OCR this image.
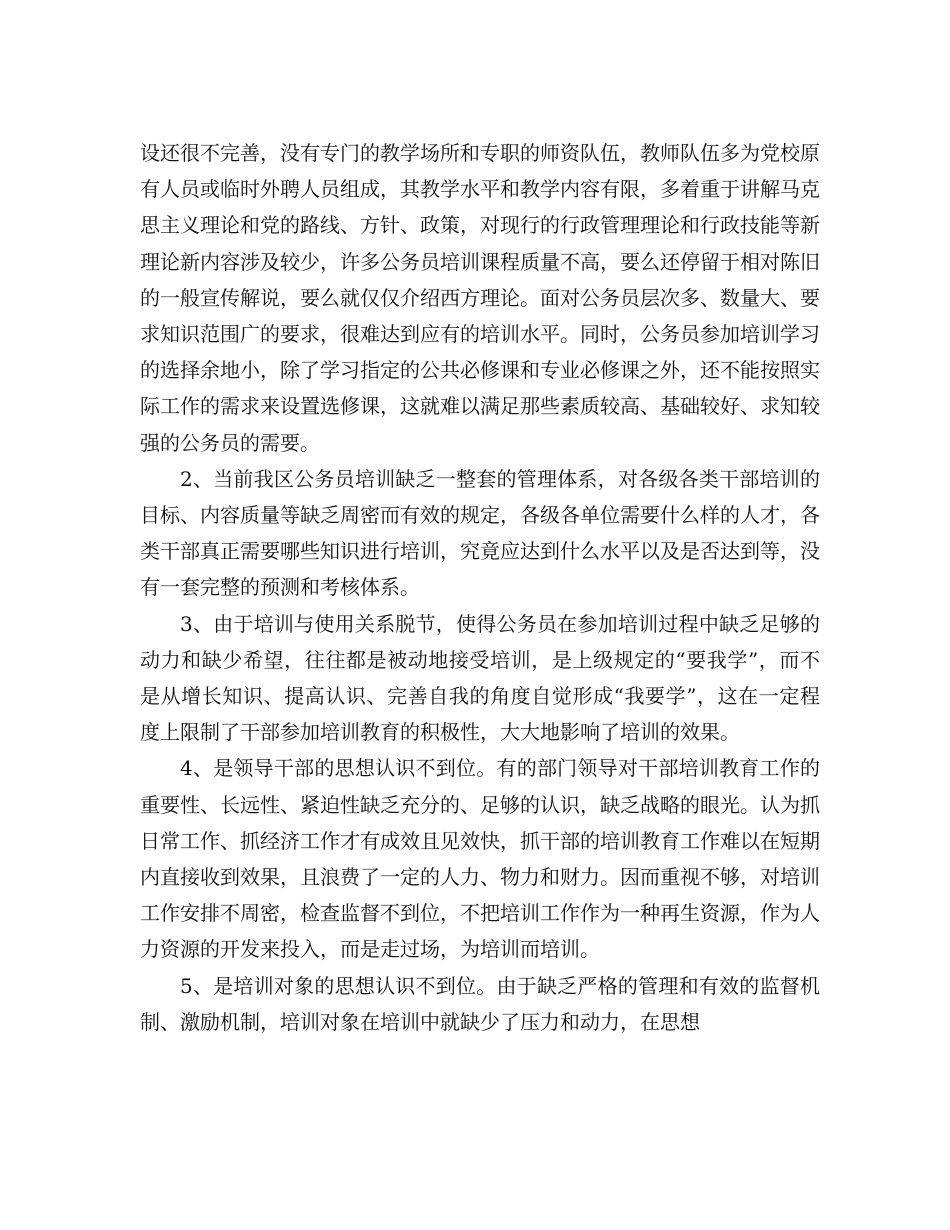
设还很不完善，没有专门的教学场所和专职的师资队伍，教师队伍多为党校原有人员或临时外聘人员组成，其教学水平和教学内容有限，多着重于讲解马克思主义理论和党的路线、方针、政策，对现行的行政管理理论和行政技能等新理论新内容涉及较少，许多公务员培训课程质量不高，要么还停留于相对陈旧的一般宣传解说，要么就仅仅介绍西方理论。面对公务员层次多、数量大、要求知识范围广的要求，很难达到应有的培训水平。同时，公务员参加培训学习的选择余地小，除了学习指定的公共必修课和专业必修课之外，还不能按照实际工作的需求来设置选修课，这就难以满足那些素质较高、基础较好、求知较强的公务员的需要。

2、当前我区公务员培训缺乏一整套的管理体系，对各级各类干部培训的目标、内容质量等缺乏周密而有效的规定，各级各单位需要什么样的人才，各类干部真正需要哪些知识进行培训，究竟应达到什么水平以及是否达到等，没有一套完整的预测和考核体系。

3、由于培训与使用关系脱节，使得公务员在参加培训过程中缺乏足够的动力和缺少希望，往往都是被动地接受培训，是上级规定的“要我学”，而不是从增长知识、提高认识、完善自我的角度自觉形成“我要学”，这在一定程度上限制了干部参加培训教育的积极性，大大地影响了培训的效果。

4、是领导干部的思想认识不到位。有的部门领导对干部培训教育工作的重要性、长远性、紧迫性缺乏充分的、足够的认识，缺乏战略的眼光。认为抓日常工作、抓经济工作才有成效且见效快，抓干部的培训教育工作难以在短期内直接收到效果，且浪费了一定的人力、物力和财力。因而重视不够，对培训工作安排不周密，检查监督不到位，不把培训工作作为一种再生资源，作为人力资源的开发来投入，而是走过场，为培训而培训。

5、是培训对象的思想认识不到位。由于缺乏严格的管理和有效的监督机制、激励机制，培训对象在培训中就缺少了压力和动力，在思想
